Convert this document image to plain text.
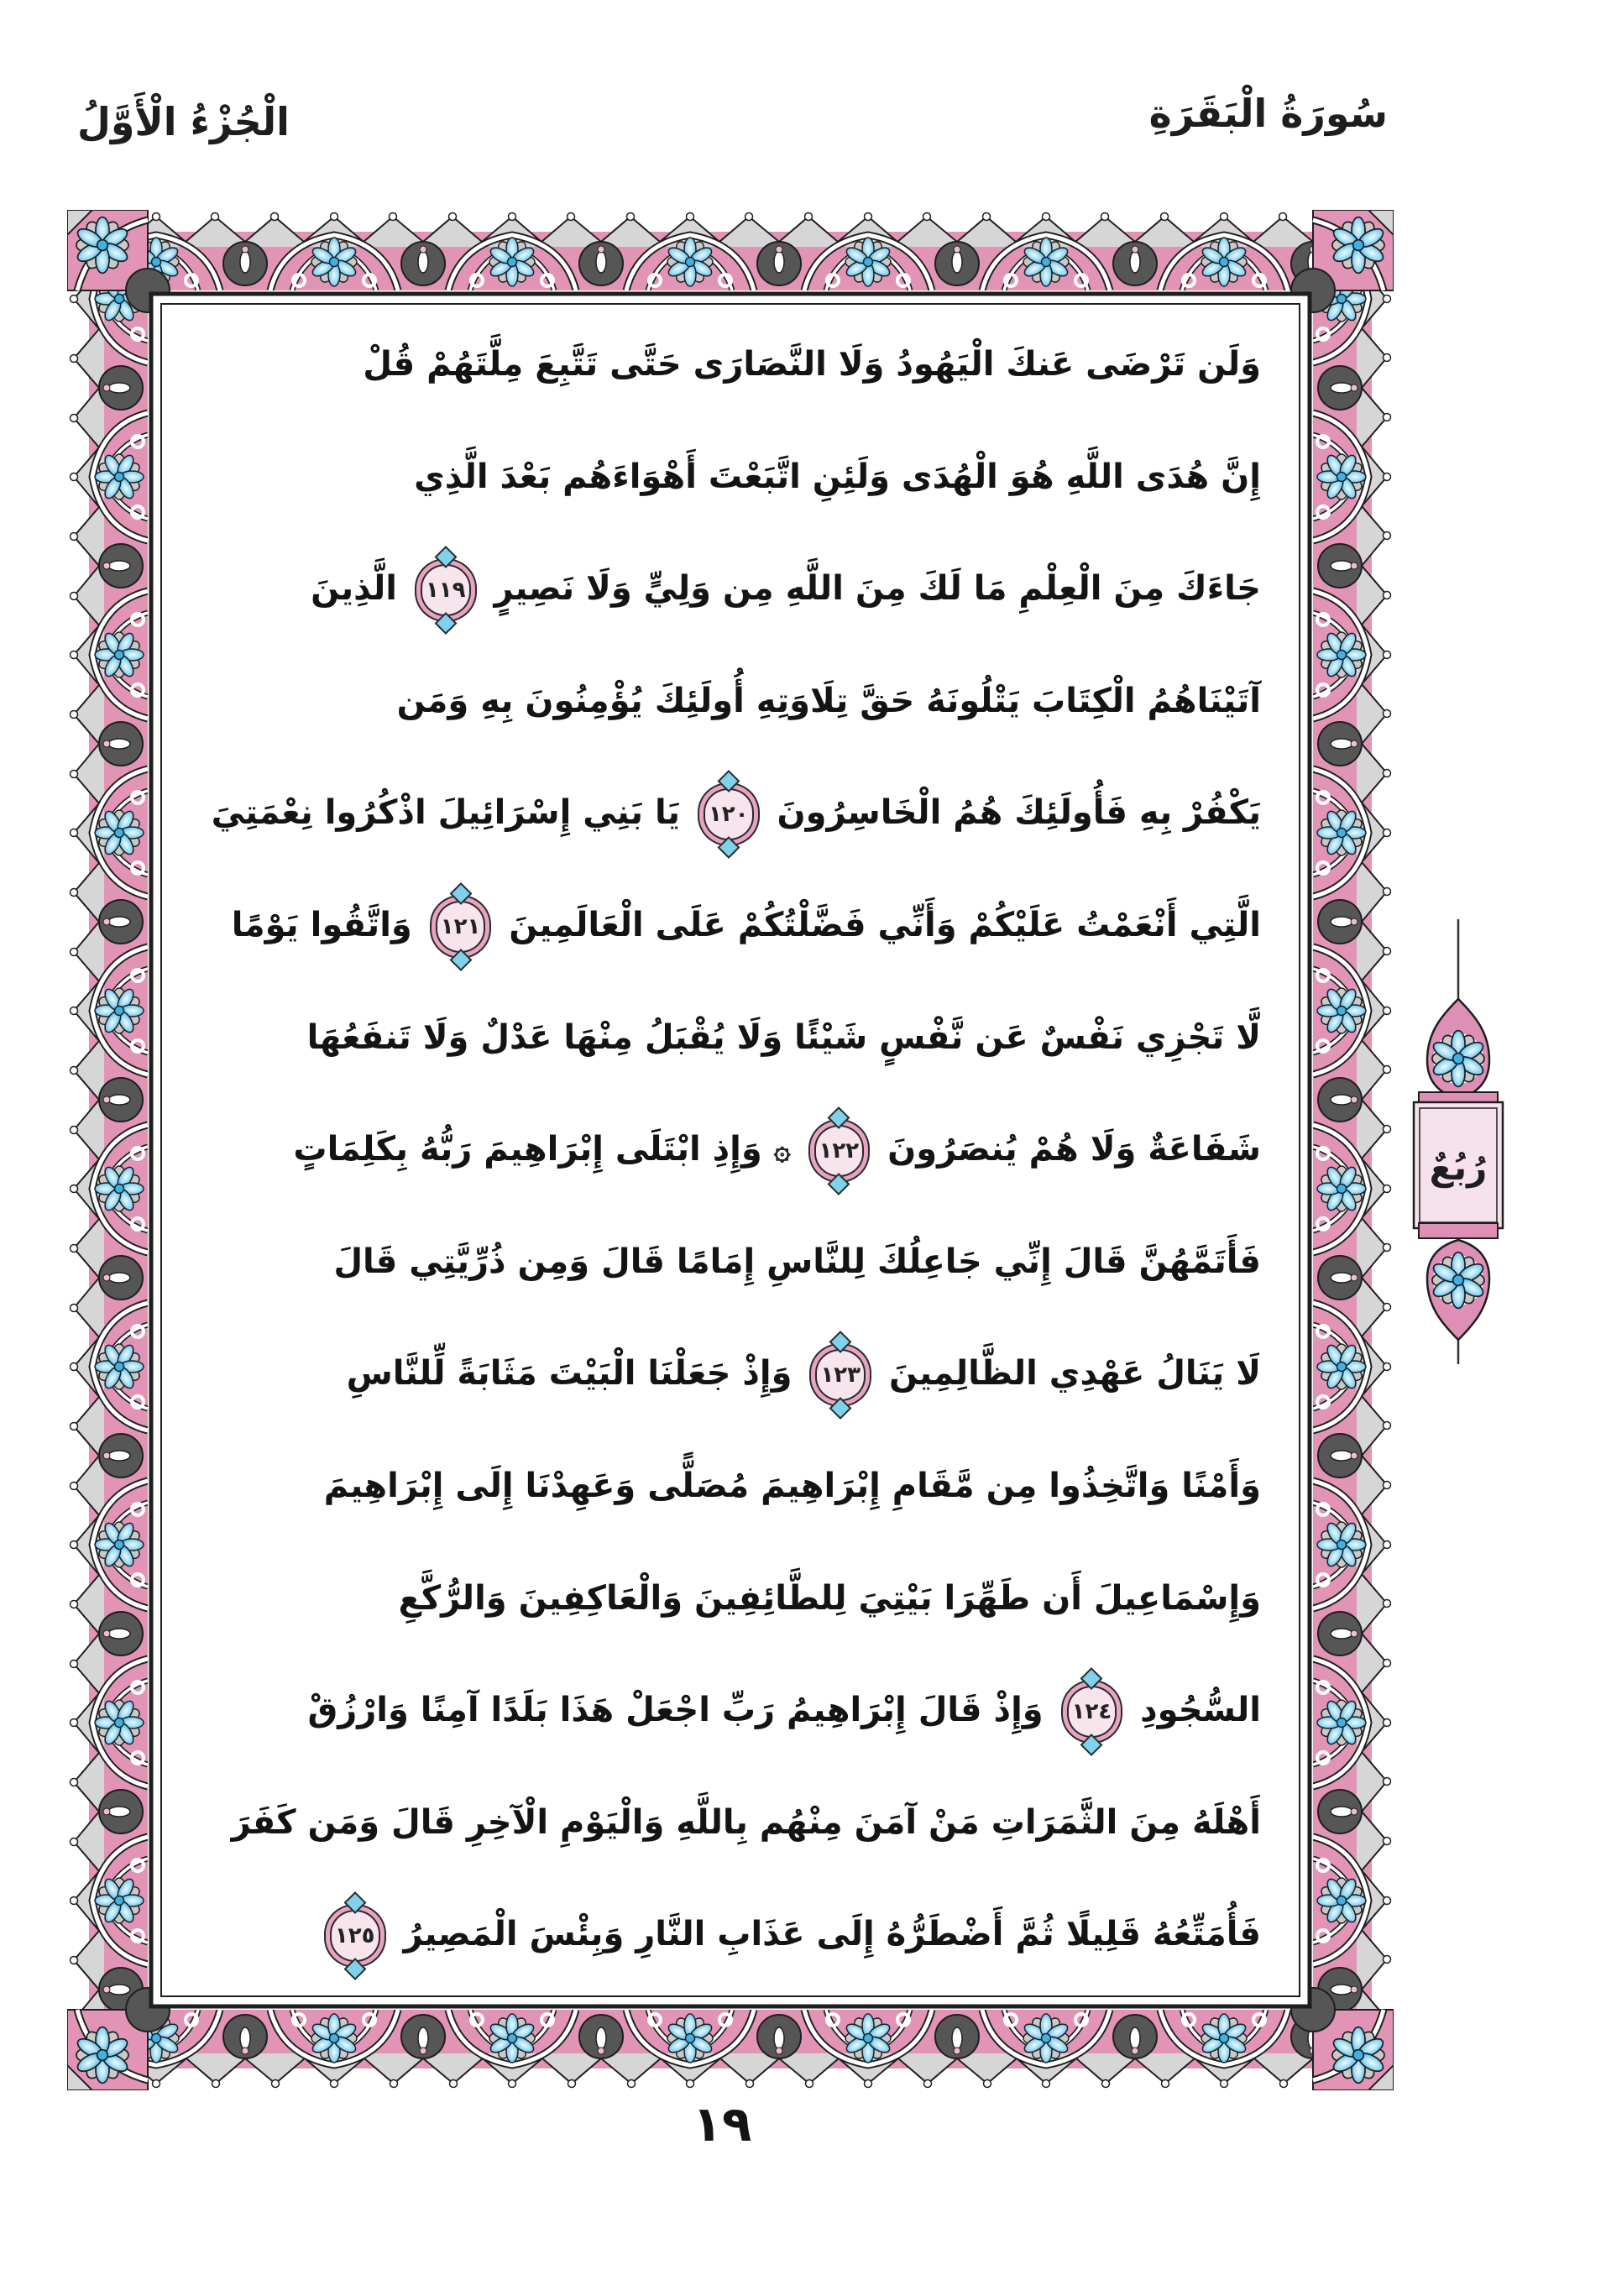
الْجُزْءُ الْأَوَّلُ	سُورَةُ الْبَقَرَةِ
وَلَن تَرْضَى عَنكَ الْيَهُودُ وَلَا النَّصَارَى حَتَّى تَتَّبِعَ مِلَّتَهُمْ قُلْ
إِنَّ هُدَى اللَّهِ هُوَ الْهُدَى وَلَئِنِ اتَّبَعْتَ أَهْوَاءَهُم بَعْدَ الَّذِي
جَاءَكَ مِنَ الْعِلْمِ مَا لَكَ مِنَ اللَّهِ مِن وَلِيٍّ وَلَا نَصِيرٍ ١١٩ الَّذِينَ
آتَيْنَاهُمُ الْكِتَابَ يَتْلُونَهُ حَقَّ تِلَاوَتِهِ أُولَئِكَ يُؤْمِنُونَ بِهِ وَمَن
يَكْفُرْ بِهِ فَأُولَئِكَ هُمُ الْخَاسِرُونَ ١٢٠ يَا بَنِي إِسْرَائِيلَ اذْكُرُوا نِعْمَتِيَ
الَّتِي أَنْعَمْتُ عَلَيْكُمْ وَأَنِّي فَضَّلْتُكُمْ عَلَى الْعَالَمِينَ ١٢١ وَاتَّقُوا يَوْمًا
لَّا تَجْزِي نَفْسٌ عَن نَّفْسٍ شَيْئًا وَلَا يُقْبَلُ مِنْهَا عَدْلٌ وَلَا تَنفَعُهَا
شَفَاعَةٌ وَلَا هُمْ يُنصَرُونَ ١٢٢ ۞ وَإِذِ ابْتَلَى إِبْرَاهِيمَ رَبُّهُ بِكَلِمَاتٍ
فَأَتَمَّهُنَّ قَالَ إِنِّي جَاعِلُكَ لِلنَّاسِ إِمَامًا قَالَ وَمِن ذُرِّيَّتِي قَالَ
لَا يَنَالُ عَهْدِي الظَّالِمِينَ ١٢٣ وَإِذْ جَعَلْنَا الْبَيْتَ مَثَابَةً لِّلنَّاسِ
وَأَمْنًا وَاتَّخِذُوا مِن مَّقَامِ إِبْرَاهِيمَ مُصَلًّى وَعَهِدْنَا إِلَى إِبْرَاهِيمَ
وَإِسْمَاعِيلَ أَن طَهِّرَا بَيْتِيَ لِلطَّائِفِينَ وَالْعَاكِفِينَ وَالرُّكَّعِ
السُّجُودِ ١٢٤ وَإِذْ قَالَ إِبْرَاهِيمُ رَبِّ اجْعَلْ هَذَا بَلَدًا آمِنًا وَارْزُقْ
أَهْلَهُ مِنَ الثَّمَرَاتِ مَنْ آمَنَ مِنْهُم بِاللَّهِ وَالْيَوْمِ الْآخِرِ قَالَ وَمَن كَفَرَ
فَأُمَتِّعُهُ قَلِيلًا ثُمَّ أَضْطَرُّهُ إِلَى عَذَابِ النَّارِ وَبِئْسَ الْمَصِيرُ ١٢٥
رُبُعٌ
١٩
